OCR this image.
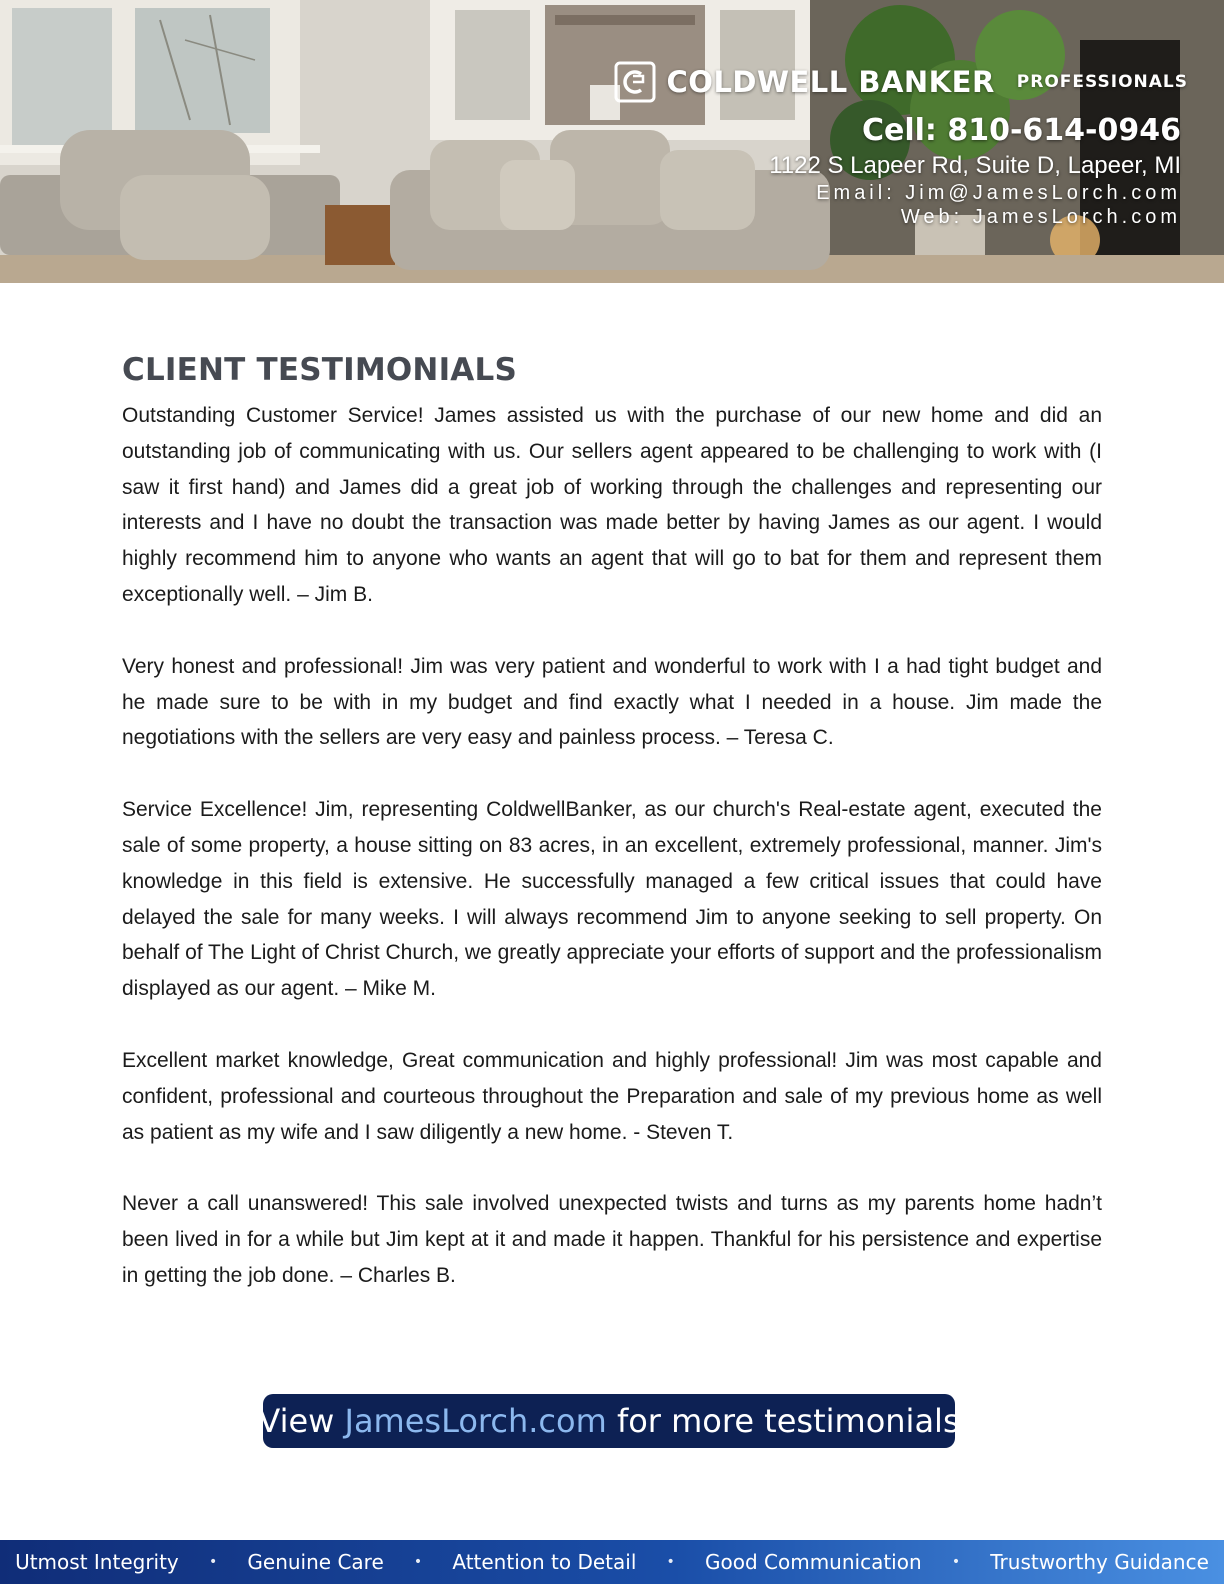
COLDWELL BANKER PROFESSIONALS
Cell: 810-614-0946
1122 S Lapeer Rd, Suite D, Lapeer, MI
Email: Jim@JamesLorch.com
Web: JamesLorch.com
CLIENT TESTIMONIALS

Outstanding Customer Service! James assisted us with the purchase of our new home and did an outstanding job of communicating with us. Our sellers agent appeared to be challenging to work with (I saw it first hand) and James did a great job of working through the challenges and representing our interests and I have no doubt the transaction was made better by having James as our agent. I would highly recommend him to anyone who wants an agent that will go to bat for them and represent them exceptionally well. – Jim B.

Very honest and professional! Jim was very patient and wonderful to work with I a had tight budget and he made sure to be with in my budget and find exactly what I needed in a house. Jim made the negotiations with the sellers are very easy and painless process. – Teresa C.

Service Excellence! Jim, representing ColdwellBanker, as our church's Real-estate agent, executed the sale of some property, a house sitting on 83 acres, in an excellent, extremely professional, manner. Jim's knowledge in this field is extensive. He successfully managed a few critical issues that could have delayed the sale for many weeks. I will always recommend Jim to anyone seeking to sell property. On behalf of The Light of Christ Church, we greatly appreciate your efforts of support and the professionalism displayed as our agent. – Mike M.

Excellent market knowledge, Great communication and highly professional! Jim was most capable and confident, professional and courteous throughout the Preparation and sale of my previous home as well as patient as my wife and I saw diligently a new home. - Steven T.

Never a call unanswered! This sale involved unexpected twists and turns as my parents home hadn’t been lived in for a while but Jim kept at it and made it happen. Thankful for his persistence and expertise in getting the job done. – Charles B.

View JamesLorch.com for more testimonials
Utmost Integrity • Genuine Care • Attention to Detail • Good Communication • Trustworthy Guidance
